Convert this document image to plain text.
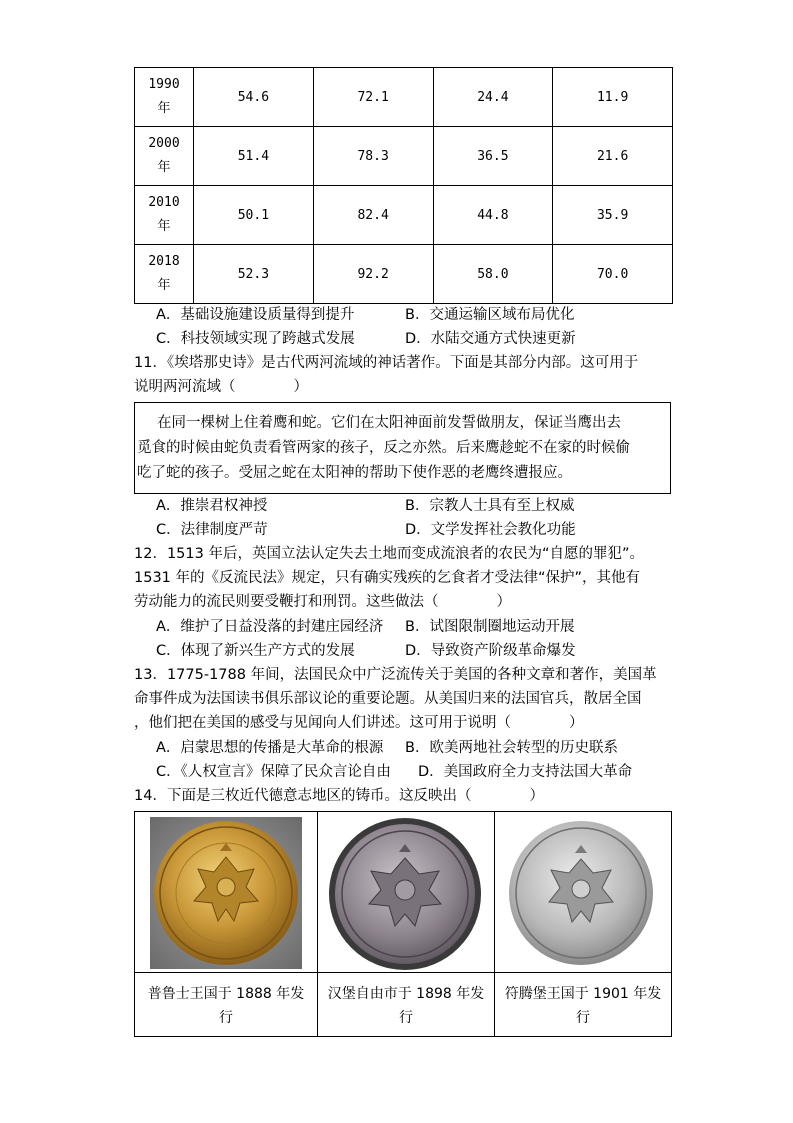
1990
年	54.6	72.1	24.4	11.9

2000
年	51.4	78.3	36.5	21.6

2010
年	50.1	82.4	44.8	35.9

2018
年	52.3	92.2	58.0	70.0
A．基础设施建设质量得到提升	B．交通运输区域布局优化
C．科技领域实现了跨越式发展	D．水陆交通方式快速更新
11．《埃塔那史诗》是古代两河流域的神话著作。下面是其部分内部。这可用于
说明两河流域（　　　　）
在同一棵树上住着鹰和蛇。它们在太阳神面前发誓做朋友，保证当鹰出去
觅食的时候由蛇负责看管两家的孩子，反之亦然。后来鹰趁蛇不在家的时候偷
吃了蛇的孩子。受屈之蛇在太阳神的帮助下使作恶的老鹰终遭报应。
A．推崇君权神授	B．宗教人士具有至上权威
C．法律制度严苛	D．文学发挥社会教化功能
12．1513 年后，英国立法认定失去土地而变成流浪者的农民为“自愿的罪犯”。
1531 年的《反流民法》规定，只有确实残疾的乞食者才受法律“保护”，其他有
劳动能力的流民则要受鞭打和刑罚。这些做法（　　　　）
A．维护了日益没落的封建庄园经济 B．试图限制圈地运动开展
C．体现了新兴生产方式的发展	D．导致资产阶级革命爆发
13．1775-1788 年间，法国民众中广泛流传关于美国的各种文章和著作，美国革
命事件成为法国读书俱乐部议论的重要论题。从美国归来的法国官兵，散居全国
，他们把在美国的感受与见闻向人们讲述。这可用于说明（　　　　）
A．启蒙思想的传播是大革命的根源 B．欧美两地社会转型的历史联系
C．《人权宣言》保障了民众言论自由 D．美国政府全力支持法国大革命
14．下面是三枚近代德意志地区的铸币。这反映出（　　　　）
普鲁士王国于 1888 年发
行
汉堡自由市于 1898 年发
行
符腾堡王国于 1901 年发
行
